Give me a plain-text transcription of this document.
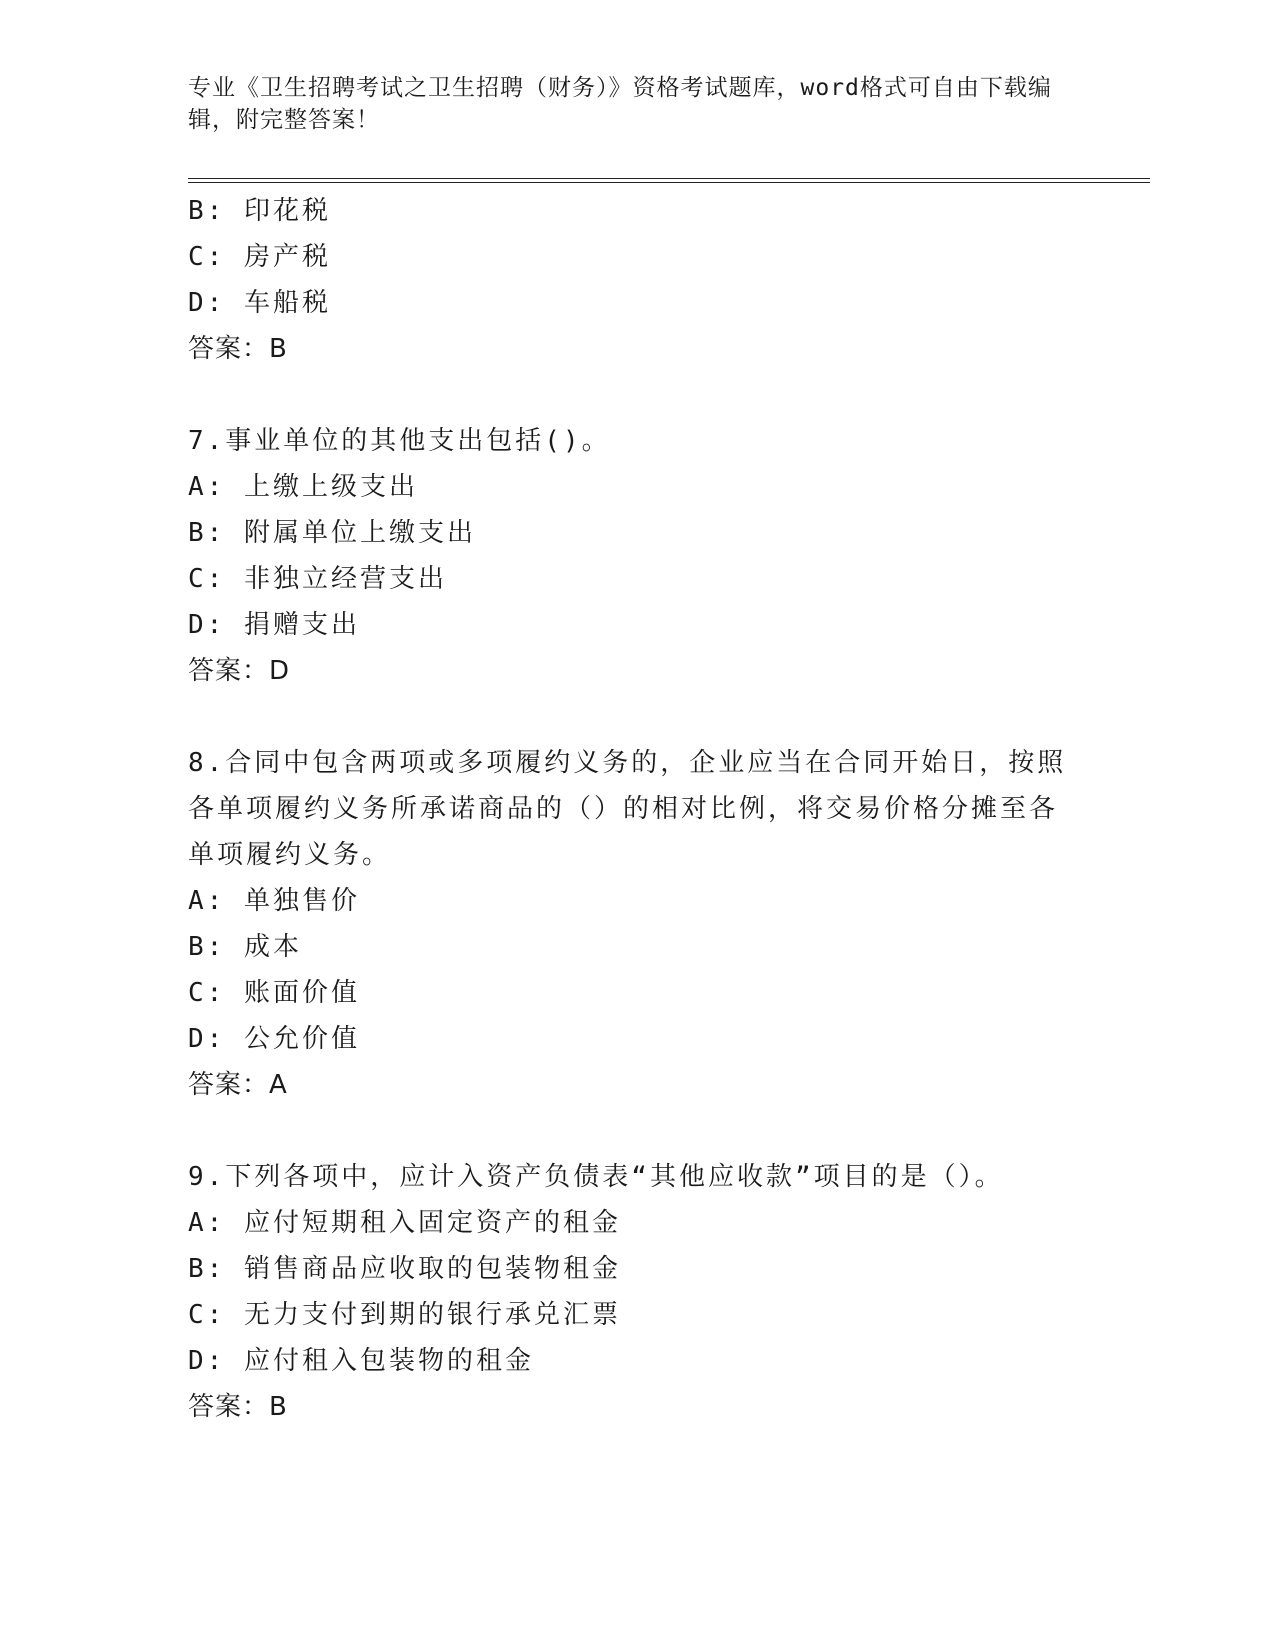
专业《卫生招聘考试之卫生招聘（财务）》资格考试题库，word格式可自由下载编辑，附完整答案！
B: 印花税
C: 房产税
D: 车船税
答案：B
7.事业单位的其他支出包括()。
A: 上缴上级支出
B: 附属单位上缴支出
C: 非独立经营支出
D: 捐赠支出
答案：D
8.合同中包含两项或多项履约义务的，企业应当在合同开始日，按照各单项履约义务所承诺商品的（）的相对比例，将交易价格分摊至各单项履约义务。
A: 单独售价
B: 成本
C: 账面价值
D: 公允价值
答案：A
9.下列各项中，应计入资产负债表“其他应收款”项目的是（）。
A: 应付短期租入固定资产的租金
B: 销售商品应收取的包装物租金
C: 无力支付到期的银行承兑汇票
D: 应付租入包装物的租金
答案：B
